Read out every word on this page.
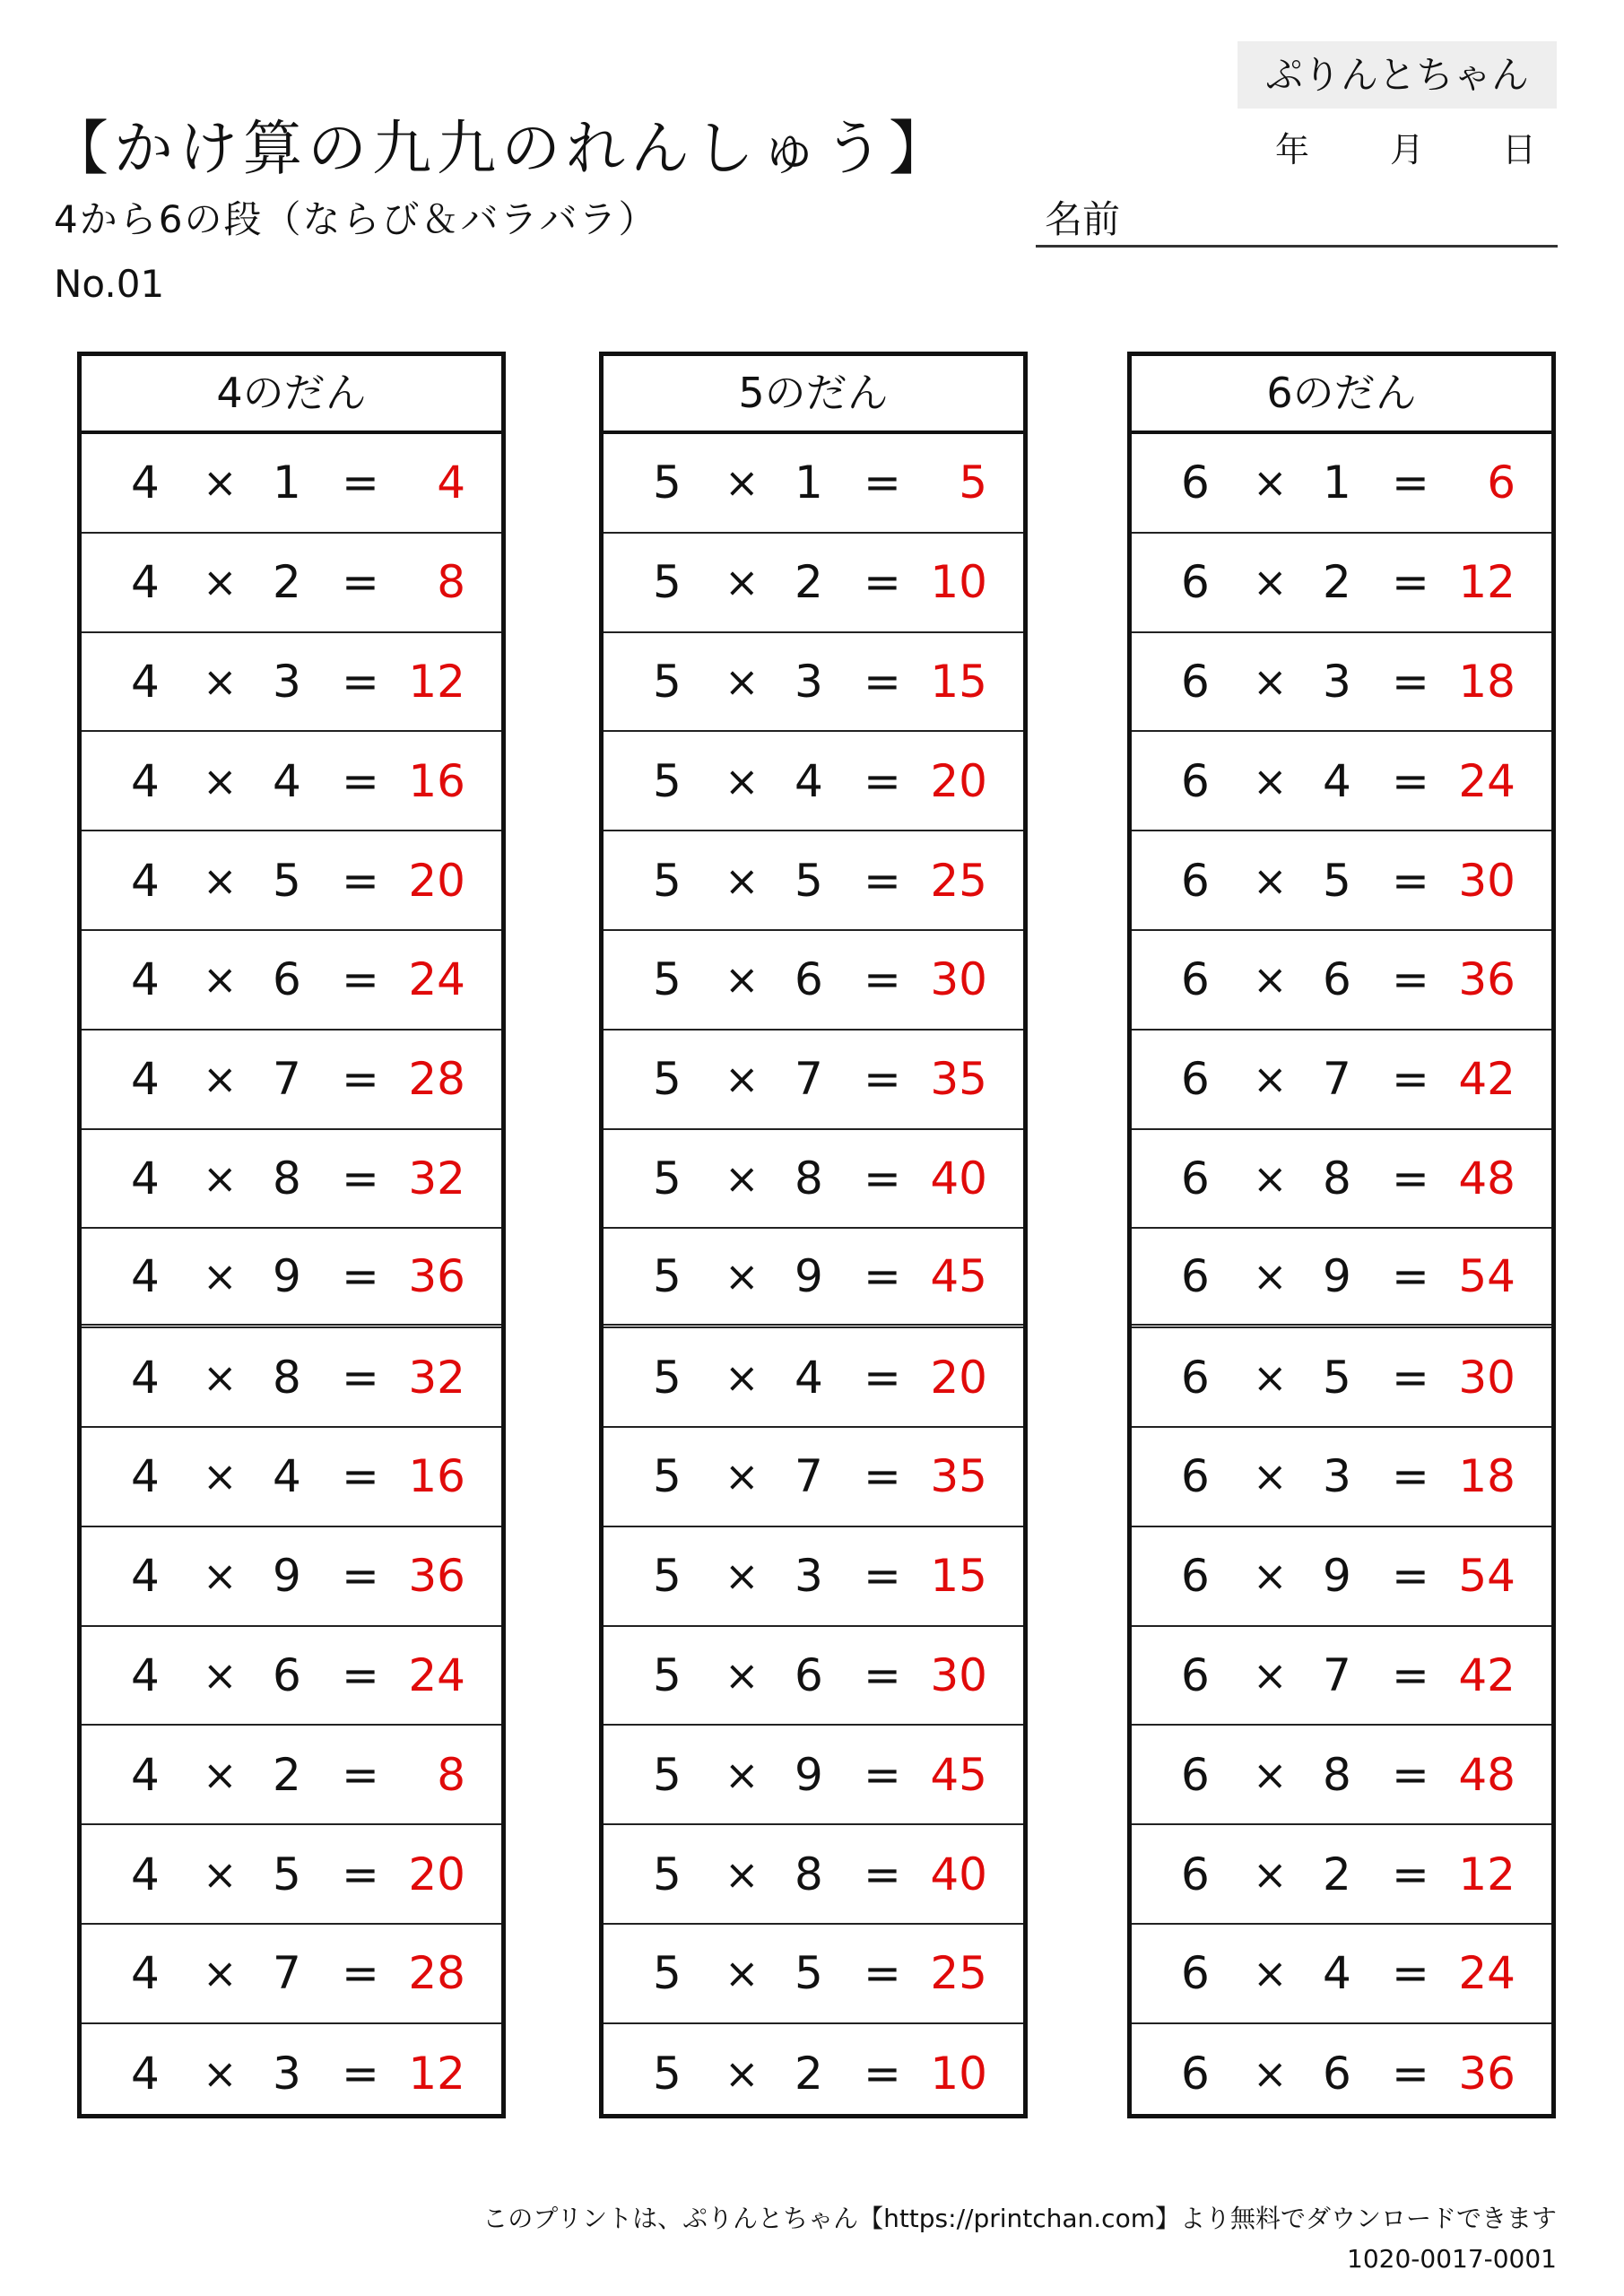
ぷりんとちゃん
年 月 日
【かけ算の九九のれんしゅう】
4から6の段（ならび＆バラバラ）
No.01
名前
4のだん
4 × 1 = 4
4 × 2 = 8
4 × 3 = 12
4 × 4 = 16
4 × 5 = 20
4 × 6 = 24
4 × 7 = 28
4 × 8 = 32
4 × 9 = 36
4 × 8 = 32
4 × 4 = 16
4 × 9 = 36
4 × 6 = 24
4 × 2 = 8
4 × 5 = 20
4 × 7 = 28
4 × 3 = 12
5のだん
5 × 1 = 5
5 × 2 = 10
5 × 3 = 15
5 × 4 = 20
5 × 5 = 25
5 × 6 = 30
5 × 7 = 35
5 × 8 = 40
5 × 9 = 45
5 × 4 = 20
5 × 7 = 35
5 × 3 = 15
5 × 6 = 30
5 × 9 = 45
5 × 8 = 40
5 × 5 = 25
5 × 2 = 10
6のだん
6 × 1 = 6
6 × 2 = 12
6 × 3 = 18
6 × 4 = 24
6 × 5 = 30
6 × 6 = 36
6 × 7 = 42
6 × 8 = 48
6 × 9 = 54
6 × 5 = 30
6 × 3 = 18
6 × 9 = 54
6 × 7 = 42
6 × 8 = 48
6 × 2 = 12
6 × 4 = 24
6 × 6 = 36
このプリントは、ぷりんとちゃん【https://printchan.com】より無料でダウンロードできます
1020-0017-0001
